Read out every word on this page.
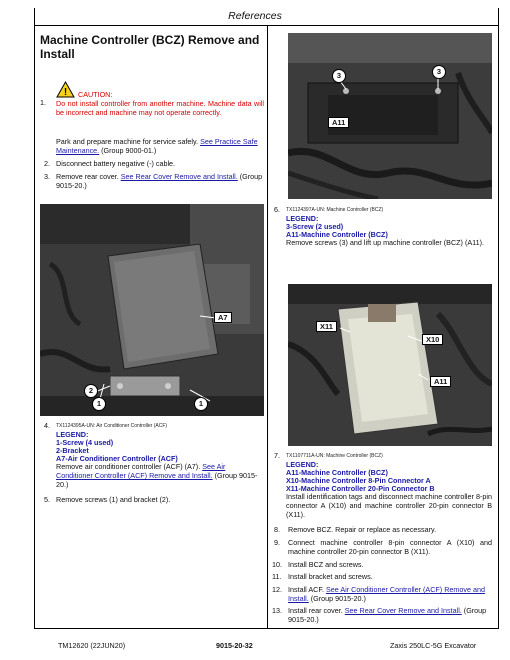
References
Machine Controller (BCZ) Remove and Install
1.
! CAUTION:
Do not install controller from another machine. Machine data will be incorrect and machine may not operate correctly.
Park and prepare machine for service safely. See Practice Safe Maintenance. (Group 9000-01.)
2. Disconnect battery negative (-) cable.
3. Remove rear cover. See Rear Cover Remove and Install. (Group 9015-20.)
A7
2
1	1
4. TX1124395A-UN: Air Conditioner Controller (ACF)
LEGEND:
1-Screw (4 used)
2-Bracket
A7-Air Conditioner Controller (ACF)
Remove air conditioner controller (ACF) (A7). See Air Conditioner Controller (ACF) Remove and Install. (Group 9015-20.)
5. Remove screws (1) and bracket (2).
3	3
A11
6. TX1124397A-UN: Machine Controller (BCZ)
LEGEND:
3-Screw (2 used)
A11-Machine Controller (BCZ)
Remove screws (3) and lift up machine controller (BCZ) (A11).
X11
X10
A11
7. TX1107711A-UN: Machine Controller (BCZ)
LEGEND:
A11-Machine Controller (BCZ)
X10-Machine Controller 8-Pin Connector A
X11-Machine Controller 20-Pin Connector B
Install identification tags and disconnect machine controller 8-pin connector A (X10) and machine controller 20-pin connector B (X11).
8. Remove BCZ. Repair or replace as necessary.
9. Connect machine controller 8-pin connector A (X10) and machine controller 20-pin connector B (X11).
10. Install BCZ and screws.
11. Install bracket and screws.
12. Install ACF. See Air Conditioner Controller (ACF) Remove and Install. (Group 9015-20.)
13. Install rear cover. See Rear Cover Remove and Install. (Group 9015-20.)
TM12620 (22JUN20)	9015-20-32	Zaxis 250LC-5G Excavator
